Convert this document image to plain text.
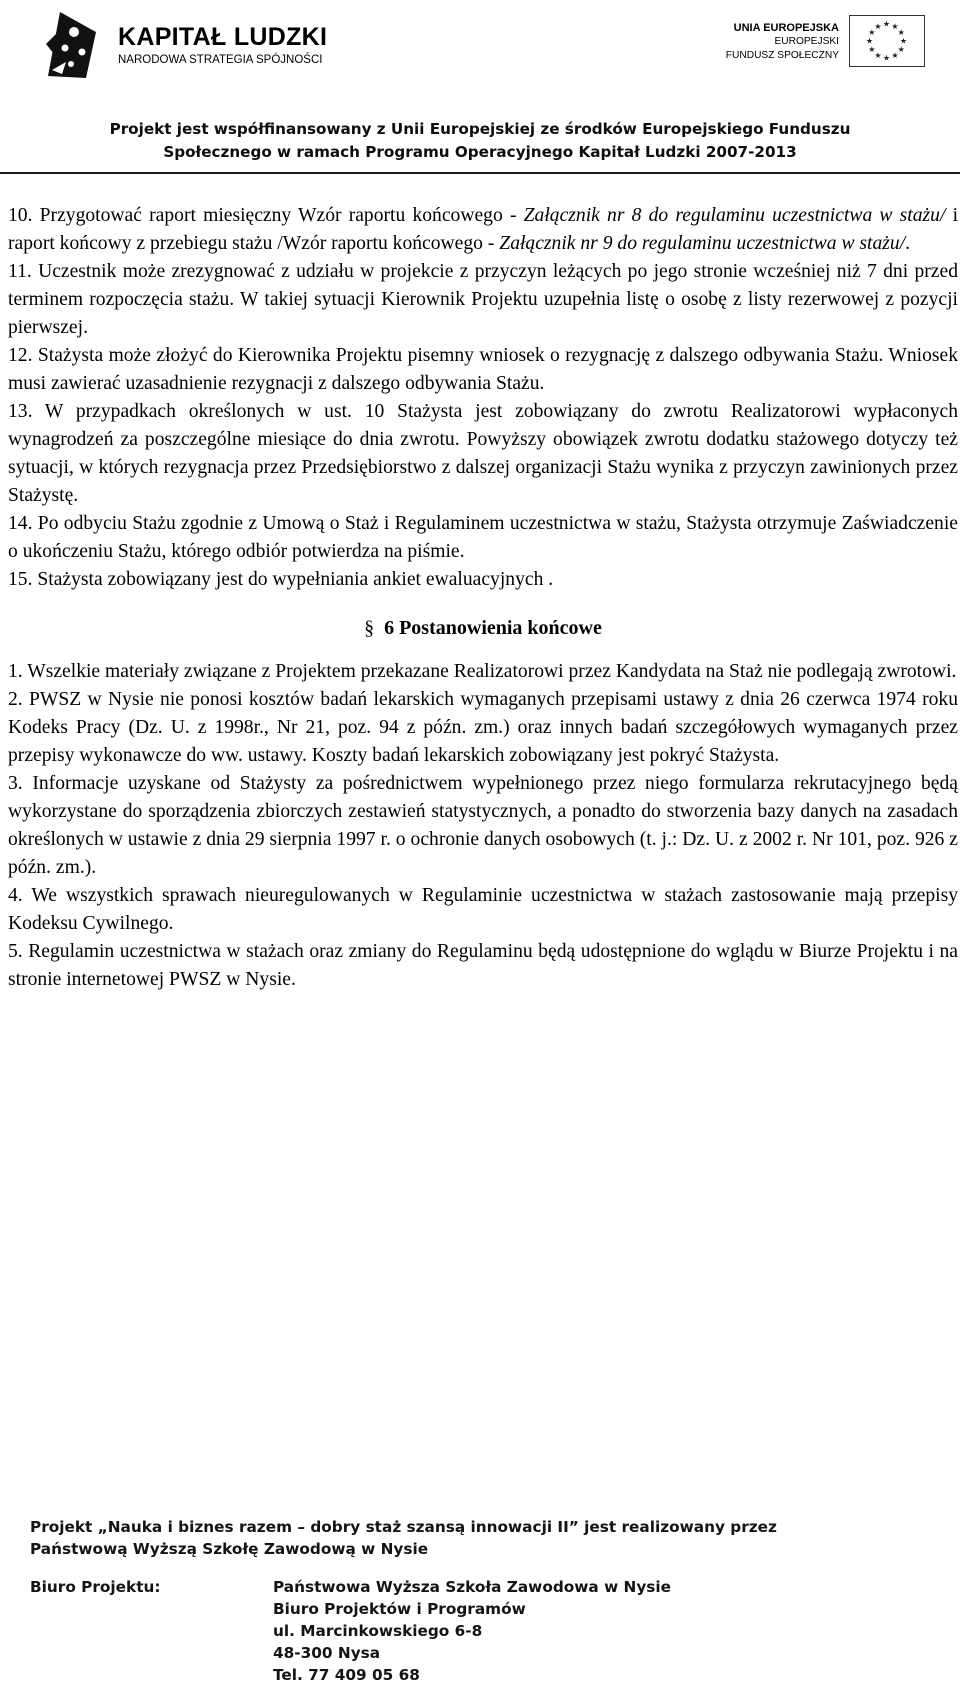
KAPITAŁ LUDZKI
NARODOWA STRATEGIA SPÓJNOŚCI
UNIA EUROPEJSKA
EUROPEJSKI
FUNDUSZ SPOŁECZNY
★
★
★
★
★
★
★
★
★ ★ ★
★
Projekt jest współfinansowany z Unii Europejskiej ze środków Europejskiego Funduszu
Społecznego w ramach Programu Operacyjnego Kapitał Ludzki 2007-2013

10. Przygotować raport miesięczny Wzór raportu końcowego - Załącznik nr 8 do regulaminu uczestnictwa w stażu/ i raport końcowy z przebiegu stażu /Wzór raportu końcowego - Załącznik nr 9 do regulaminu uczestnictwa w stażu/.

11. Uczestnik może zrezygnować z udziału w projekcie z przyczyn leżących po jego stronie wcześniej niż 7 dni przed terminem rozpoczęcia stażu. W takiej sytuacji Kierownik Projektu uzupełnia listę o osobę z listy rezerwowej z pozycji pierwszej.

12. Stażysta może złożyć do Kierownika Projektu pisemny wniosek o rezygnację z dalszego odbywania Stażu. Wniosek musi zawierać uzasadnienie rezygnacji z dalszego odbywania Stażu.

13. W przypadkach określonych w ust. 10 Stażysta jest zobowiązany do zwrotu Realizatorowi wypłaconych wynagrodzeń za poszczególne miesiące do dnia zwrotu. Powyższy obowiązek zwrotu dodatku stażowego dotyczy też sytuacji, w których rezygnacja przez Przedsiębiorstwo z dalszej organizacji Stażu wynika z przyczyn zawinionych przez Stażystę.

14. Po odbyciu Stażu zgodnie z Umową o Staż i Regulaminem uczestnictwa w stażu, Stażysta otrzymuje Zaświadczenie o ukończeniu Stażu, którego odbiór potwierdza na piśmie.

15. Stażysta zobowiązany jest do wypełniania ankiet ewaluacyjnych .

§ 6 Postanowienia końcowe

1. Wszelkie materiały związane z Projektem przekazane Realizatorowi przez Kandydata na Staż nie podlegają zwrotowi.

2. PWSZ w Nysie nie ponosi kosztów badań lekarskich wymaganych przepisami ustawy z dnia 26 czerwca 1974 roku Kodeks Pracy (Dz. U. z 1998r., Nr 21, poz. 94 z późn. zm.) oraz innych badań szczegółowych wymaganych przez przepisy wykonawcze do ww. ustawy. Koszty badań lekarskich zobowiązany jest pokryć Stażysta.

3. Informacje uzyskane od Stażysty za pośrednictwem wypełnionego przez niego formularza rekrutacyjnego będą wykorzystane do sporządzenia zbiorczych zestawień statystycznych, a ponadto do stworzenia bazy danych na zasadach określonych w ustawie z dnia 29 sierpnia 1997 r. o ochronie danych osobowych (t. j.: Dz. U. z 2002 r. Nr 101, poz. 926 z późn. zm.).

4. We wszystkich sprawach nieuregulowanych w Regulaminie uczestnictwa w stażach zastosowanie mają przepisy Kodeksu Cywilnego.

5. Regulamin uczestnictwa w stażach oraz zmiany do Regulaminu będą udostępnione do wglądu w Biurze Projektu i na stronie internetowej PWSZ w Nysie.

Projekt „Nauka i biznes razem – dobry staż szansą innowacji II” jest realizowany przez

Państwową Wyższą Szkołę Zawodową w Nysie

Biuro Projektu:	Państwowa Wyższa Szkoła Zawodowa w Nysie
Biuro Projektów i Programów
ul. Marcinkowskiego 6-8
48-300 Nysa
Tel. 77 409 05 68
